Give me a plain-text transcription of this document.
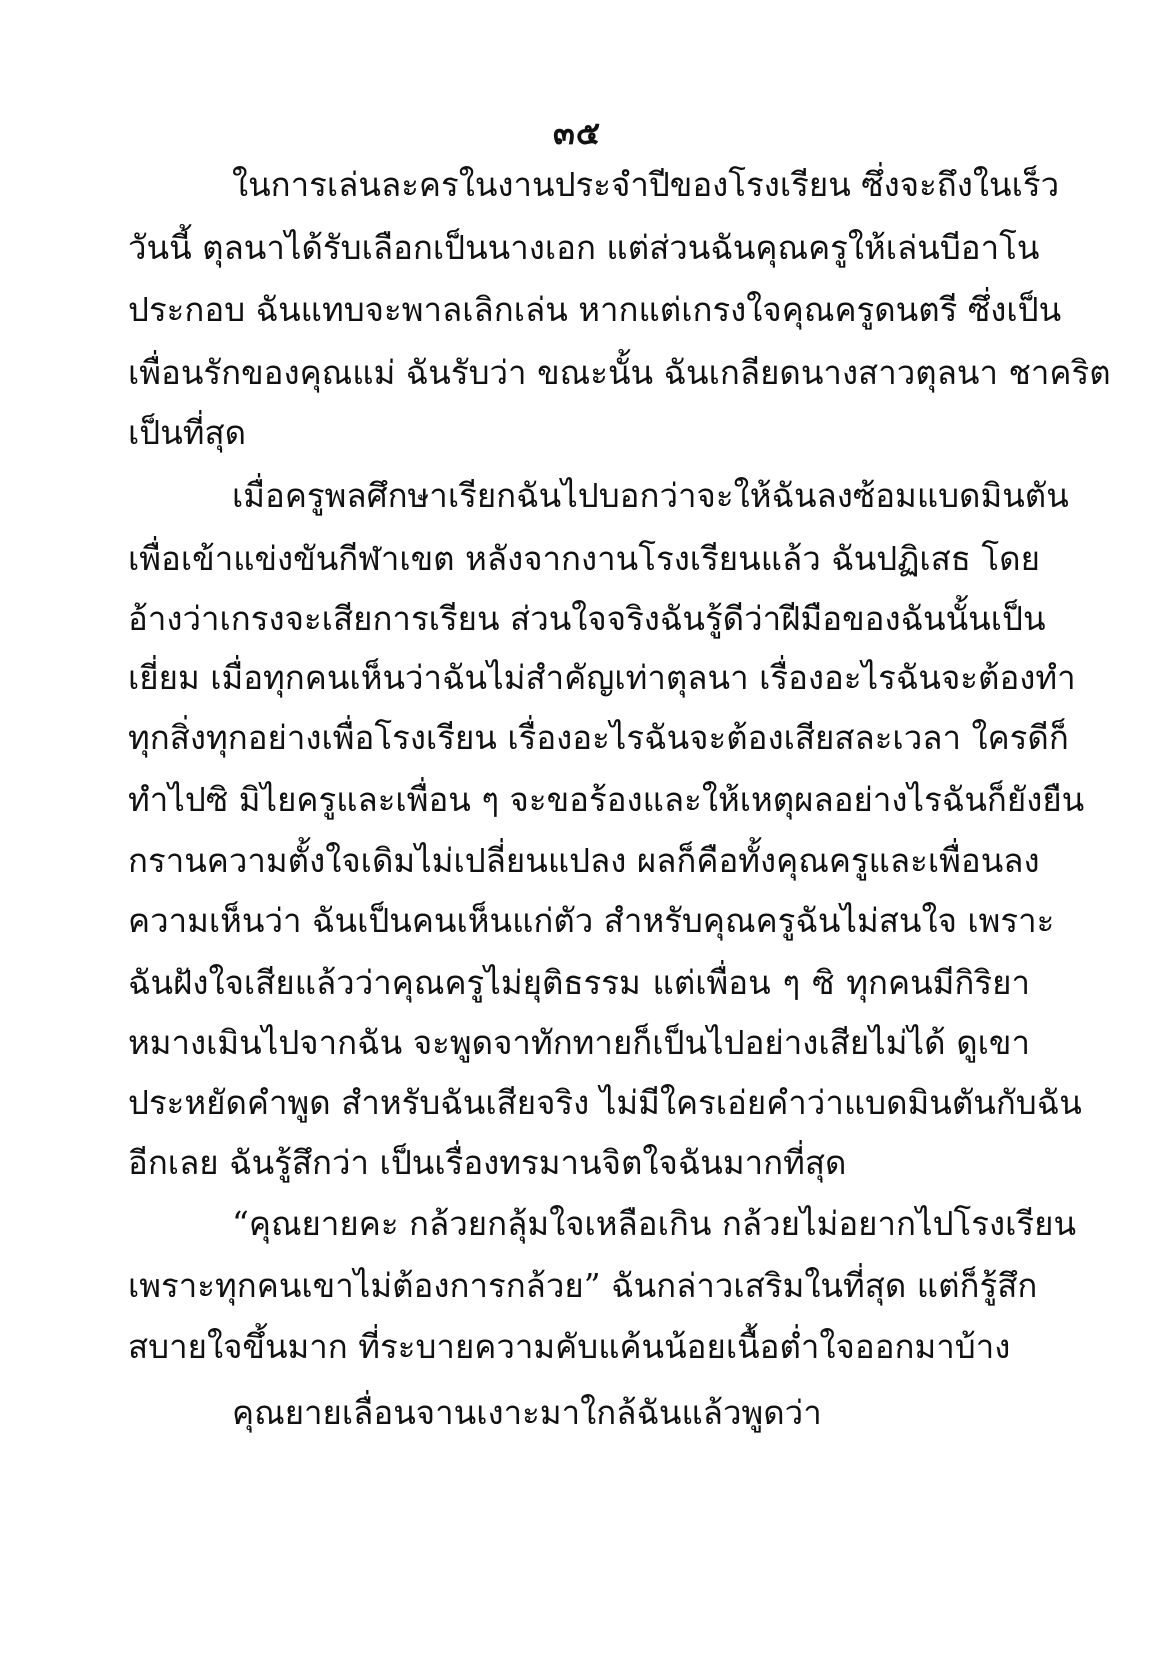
๓๕
ในการเล่นละครในงานประจำปีของโรงเรียน ซึ่งจะถึงในเร็ว
วันนี้ ตุลนาได้รับเลือกเป็นนางเอก แต่ส่วนฉันคุณครูให้เล่นบีอาโน
ประกอบ ฉันแทบจะพาลเลิกเล่น หากแต่เกรงใจคุณครูดนตรี ซึ่งเป็น
เพื่อนรักของคุณแม่ ฉันรับว่า ขณะนั้น ฉันเกลียดนางสาวตุลนา ชาคริต
เป็นที่สุด
เมื่อครูพลศึกษาเรียกฉันไปบอกว่าจะให้ฉันลงซ้อมแบดมินตัน
เพื่อเข้าแข่งขันกีฬาเขต หลังจากงานโรงเรียนแล้ว ฉันปฏิเสธ โดย
อ้างว่าเกรงจะเสียการเรียน ส่วนใจจริงฉันรู้ดีว่าฝีมือของฉันนั้นเป็น
เยี่ยม เมื่อทุกคนเห็นว่าฉันไม่สำคัญเท่าตุลนา เรื่องอะไรฉันจะต้องทำ
ทุกสิ่งทุกอย่างเพื่อโรงเรียน เรื่องอะไรฉันจะต้องเสียสละเวลา ใครดีก็
ทำไปซิ มิไยครูและเพื่อน ๆ จะขอร้องและให้เหตุผลอย่างไรฉันก็ยังยืน
กรานความตั้งใจเดิมไม่เปลี่ยนแปลง ผลก็คือทั้งคุณครูและเพื่อนลง
ความเห็นว่า ฉันเป็นคนเห็นแก่ตัว สำหรับคุณครูฉันไม่สนใจ เพราะ
ฉันฝังใจเสียแล้วว่าคุณครูไม่ยุติธรรม แต่เพื่อน ๆ ซิ ทุกคนมีกิริยา
หมางเมินไปจากฉัน จะพูดจาทักทายก็เป็นไปอย่างเสียไม่ได้ ดูเขา
ประหยัดคำพูด สำหรับฉันเสียจริง ไม่มีใครเอ่ยคำว่าแบดมินตันกับฉัน
อีกเลย ฉันรู้สึกว่า เป็นเรื่องทรมานจิตใจฉันมากที่สุด
“คุณยายคะ กล้วยกลุ้มใจเหลือเกิน กล้วยไม่อยากไปโรงเรียน
เพราะทุกคนเขาไม่ต้องการกล้วย” ฉันกล่าวเสริมในที่สุด แต่ก็รู้สึก
สบายใจขึ้นมาก ที่ระบายความคับแค้นน้อยเนื้อต่ำใจออกมาบ้าง
คุณยายเลื่อนจานเงาะมาใกล้ฉันแล้วพูดว่า
